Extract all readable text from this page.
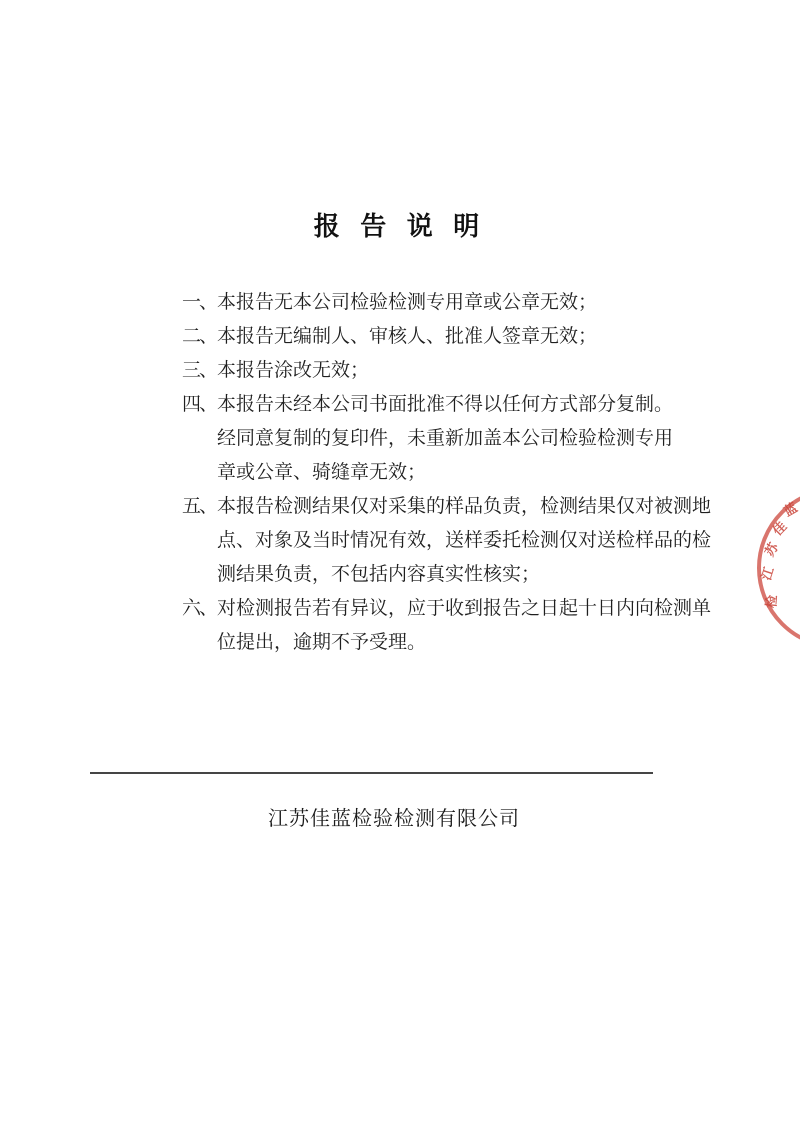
报 告 说 明
一、 本报告无本公司检验检测专用章或公章无效；
二、 本报告无编制人、审核人、批准人签章无效；
三、 本报告涂改无效；
四、 本报告未经本公司书面批准不得以任何方式部分复制。
经同意复制的复印件，未重新加盖本公司检验检测专用
章或公章、骑缝章无效；
五、 本报告检测结果仅对采集的样品负责，检测结果仅对被测地
点、对象及当时情况有效，送样委托检测仅对送检样品的检
测结果负责，不包括内容真实性核实；
六、 对检测报告若有异议，应于收到报告之日起十日内向检测单
位提出，逾期不予受理。
江苏佳蓝检验检测有限公司
蓝
佳
苏
江
检
